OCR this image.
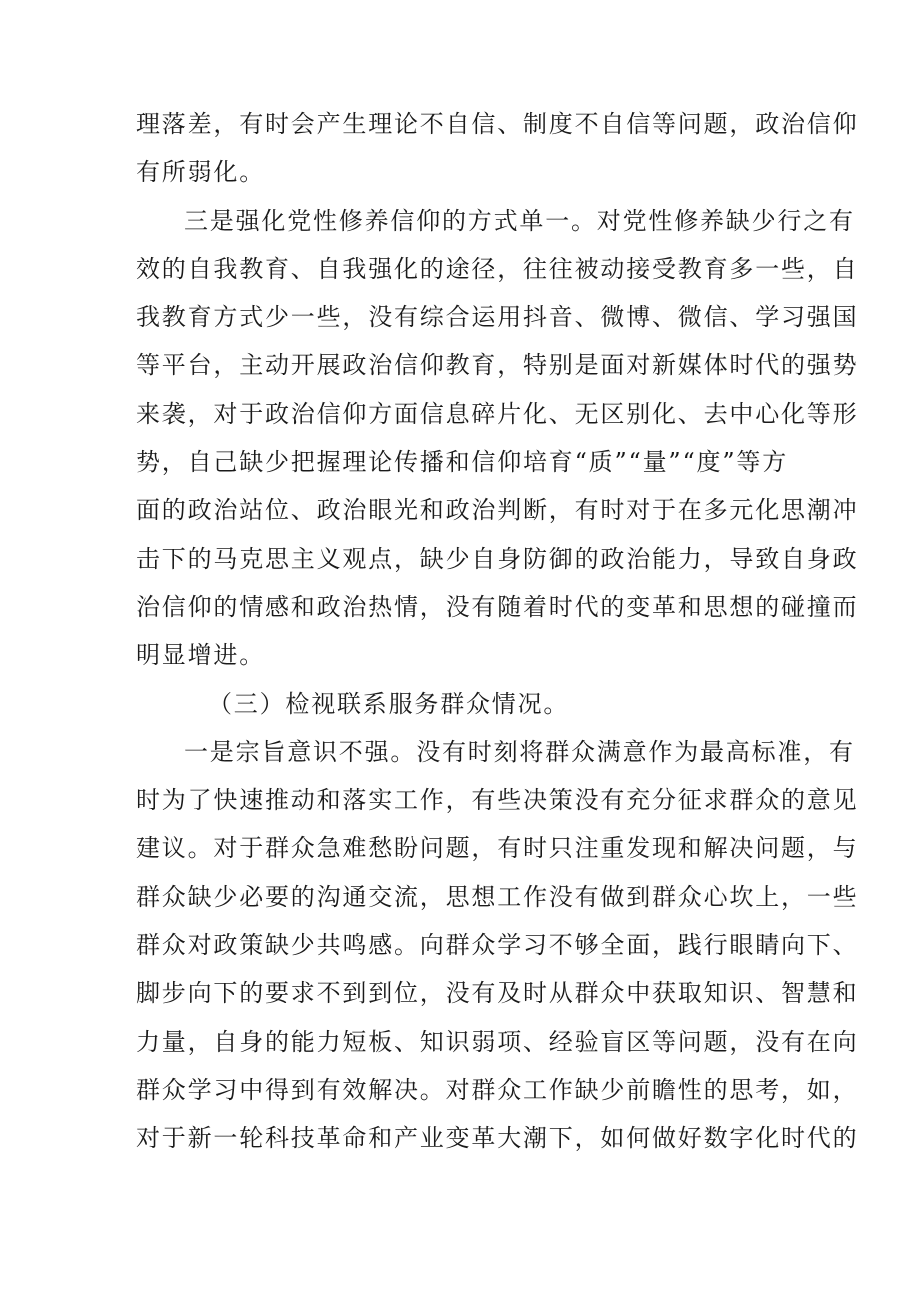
理落差，有时会产生理论不自信、制度不自信等问题，政治信仰
有所弱化。
三是强化党性修养信仰的方式单一。对党性修养缺少行之有
效的自我教育、自我强化的途径，往往被动接受教育多一些，自
我教育方式少一些，没有综合运用抖音、微博、微信、学习强国
等平台，主动开展政治信仰教育，特别是面对新媒体时代的强势
来袭，对于政治信仰方面信息碎片化、无区别化、去中心化等形
势，自己缺少把握理论传播和信仰培育“质”“量”“度”等方
面的政治站位、政治眼光和政治判断，有时对于在多元化思潮冲
击下的马克思主义观点，缺少自身防御的政治能力，导致自身政
治信仰的情感和政治热情，没有随着时代的变革和思想的碰撞而
明显增进。
（三）检视联系服务群众情况。
一是宗旨意识不强。没有时刻将群众满意作为最高标准，有
时为了快速推动和落实工作，有些决策没有充分征求群众的意见
建议。对于群众急难愁盼问题，有时只注重发现和解决问题，与
群众缺少必要的沟通交流，思想工作没有做到群众心坎上，一些
群众对政策缺少共鸣感。向群众学习不够全面，践行眼睛向下、
脚步向下的要求不到到位，没有及时从群众中获取知识、智慧和
力量，自身的能力短板、知识弱项、经验盲区等问题，没有在向
群众学习中得到有效解决。对群众工作缺少前瞻性的思考，如，
对于新一轮科技革命和产业变革大潮下，如何做好数字化时代的
